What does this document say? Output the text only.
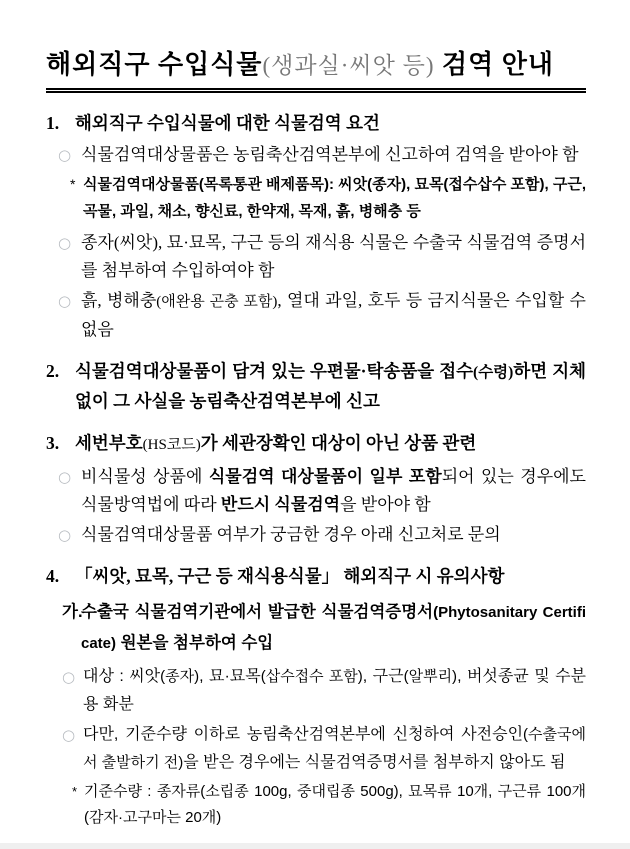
해외직구 수입식물(생과실·씨앗 등) 검역 안내
1. 해외직구 수입식물에 대한 식물검역 요건
○ 식물검역대상물품은 농림축산검역본부에 신고하여 검역을 받아야 함
* 식물검역대상물품(목록통관 배제품목): 씨앗(종자), 묘목(접수삽수 포함), 구근, 곡물, 과일, 채소, 향신료, 한약재, 목재, 흙, 병해충 등
○ 종자(씨앗), 묘·묘목, 구근 등의 재식용 식물은 수출국 식물검역 증명서를 첨부하여 수입하여야 함
○ 흙, 병해충(애완용 곤충 포함), 열대 과일, 호두 등 금지식물은 수입할 수 없음
2. 식물검역대상물품이 담겨 있는 우편물·탁송품을 접수(수령)하면 지체없이 그 사실을 농림축산검역본부에 신고
3. 세번부호(HS코드)가 세관장확인 대상이 아닌 상품 관련
○ 비식물성 상품에 식물검역 대상물품이 일부 포함되어 있는 경우에도 식물방역법에 따라 반드시 식물검역을 받아야 함
○ 식물검역대상물품 여부가 궁금한 경우 아래 신고처로 문의
4. 「씨앗, 묘목, 구근 등 재식용식물」 해외직구 시 유의사항
가.
수출국 식물검역기관에서 발급한 식물검역증명서(Phytosanitary Certificate) 원본을 첨부하여 수입
○ 대상 : 씨앗(종자), 묘·묘목(삽수접수 포함), 구근(알뿌리), 버섯종균 및 수분용 화분
○ 다만, 기준수량 이하로 농림축산검역본부에 신청하여 사전승인(수출국에서 출발하기 전)을 받은 경우에는 식물검역증명서를 첨부하지 않아도 됨
* 기준수량 : 종자류(소립종 100g, 중대립종 500g), 묘목류 10개, 구근류 100개(감자·고구마는 20개)
